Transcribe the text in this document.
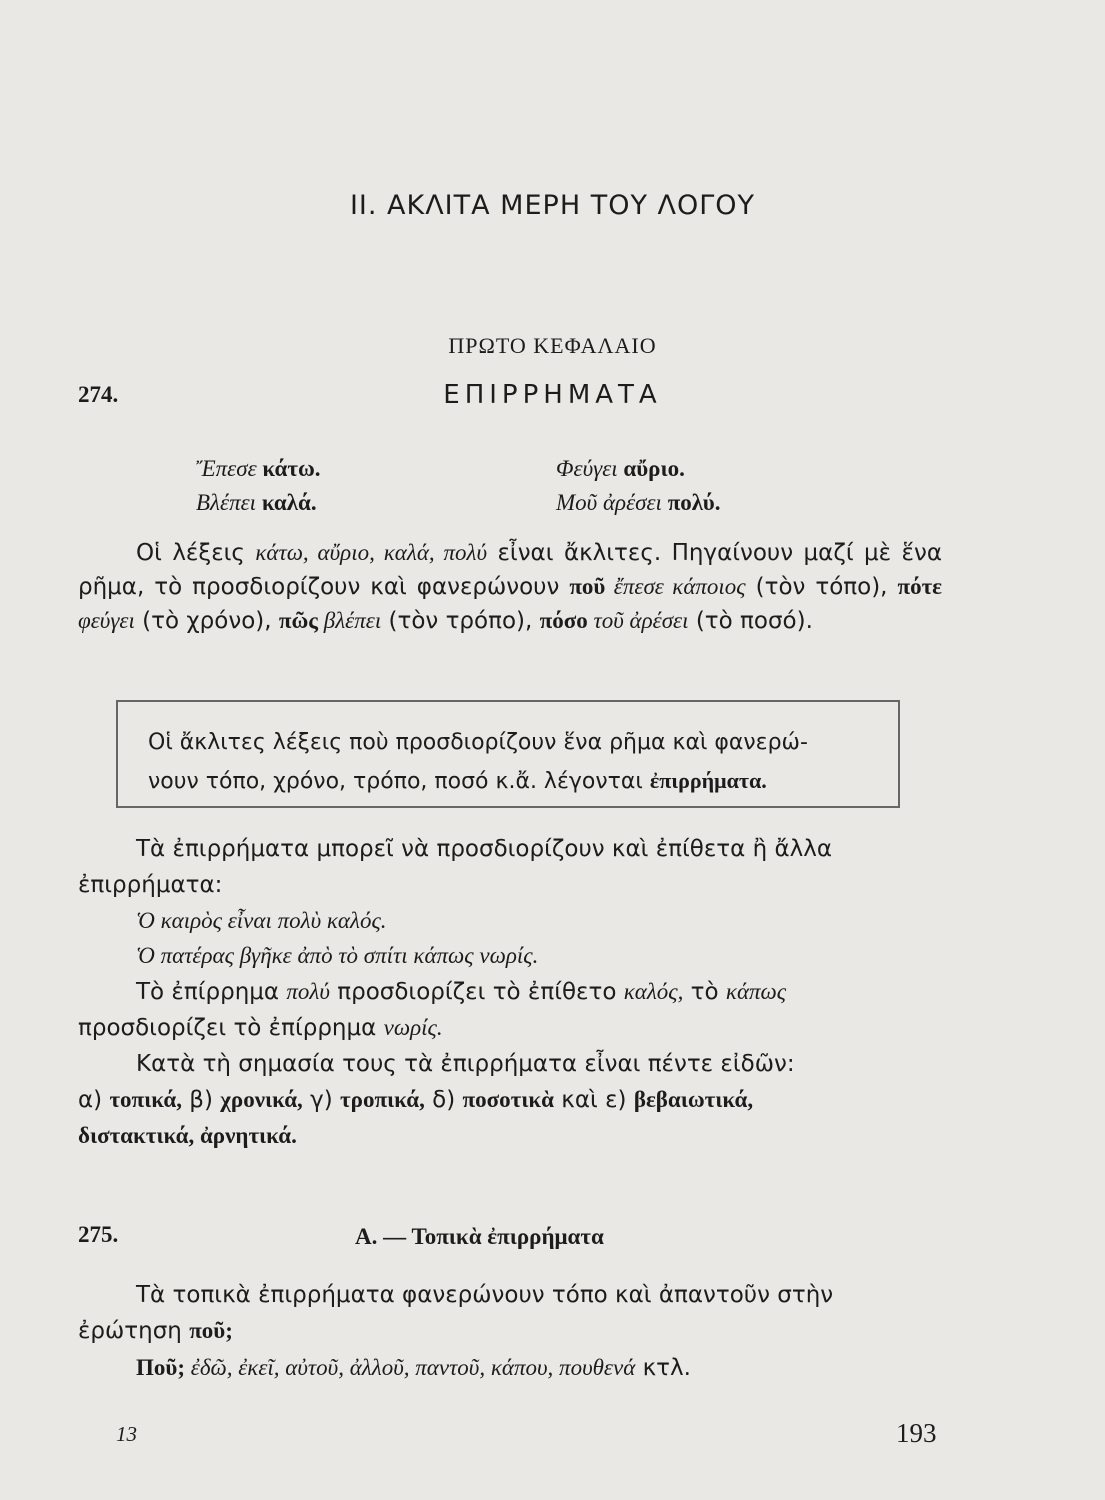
II. ΑΚΛΙΤΑ ΜΕΡΗ ΤΟΥ ΛΟΓΟΥ
ΠΡΩΤΟ ΚΕΦΑΛΑΙΟ
274.	ΕΠΙΡΡΗΜΑΤΑ
Ἔπεσε κάτω.	Φεύγει αὔριο.
Βλέπει καλά.	Μοῦ ἀρέσει πολύ.
Οἱ λέξεις κάτω, αὔριο, καλά, πολύ εἶναι ἄκλιτες. Πηγαίνουν μαζί μὲ ἕνα ρῆμα, τὸ προσδιορίζουν καὶ φανερώνουν ποῦ ἔπεσε κάποιος (τὸν τόπο), πότε φεύγει (τὸ χρόνο), πῶς βλέπει (τὸν τρόπο), πόσο τοῦ ἀρέσει (τὸ ποσό).
Οἱ ἄκλιτες λέξεις ποὺ προσδιορίζουν ἕνα ρῆμα καὶ φανερώ-
νουν τόπο, χρόνο, τρόπο, ποσό κ.ἄ. λέγονται ἐπιρρήματα.
Τὰ ἐπιρρήματα μπορεῖ νὰ προσδιορίζουν καὶ ἐπίθετα ἢ ἄλλα
ἐπιρρήματα:
Ὁ καιρὸς εἶναι πολὺ καλός.
Ὁ πατέρας βγῆκε ἀπὸ τὸ σπίτι κάπως νωρίς.
Τὸ ἐπίρρημα πολύ προσδιορίζει τὸ ἐπίθετο καλός, τὸ κάπως
προσδιορίζει τὸ ἐπίρρημα νωρίς.
Κατὰ τὴ σημασία τους τὰ ἐπιρρήματα εἶναι πέντε εἰδῶν:
α) τοπικά, β) χρονικά, γ) τροπικά, δ) ποσοτικὰ καὶ ε) βεβαιωτικά,
διστακτικά, ἀρνητικά.
275.	Α. — Τοπικὰ ἐπιρρήματα
Τὰ τοπικὰ ἐπιρρήματα φανερώνουν τόπο καὶ ἀπαντοῦν στὴν
ἐρώτηση ποῦ;
Ποῦ; ἐδῶ, ἐκεῖ, αὐτοῦ, ἀλλοῦ, παντοῦ, κάπου, πουθενά κτλ.
13	193
